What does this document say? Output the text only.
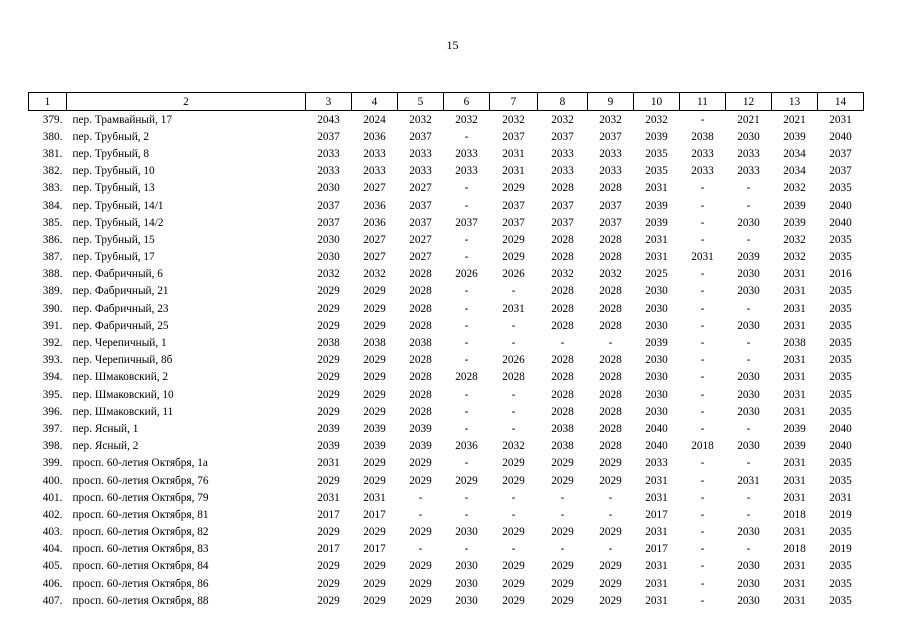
15
1	2	3	4	5	6	7	8	9	10	11	12	13	14
379.	пер. Трамвайный, 17	2043	2024	2032	2032	2032	2032	2032	2032	-	2021	2021	2031
380.	пер. Трубный, 2	2037	2036	2037	-	2037	2037	2037	2039	2038	2030	2039	2040
381.	пер. Трубный, 8	2033	2033	2033	2033	2031	2033	2033	2035	2033	2033	2034	2037
382.	пер. Трубный, 10	2033	2033	2033	2033	2031	2033	2033	2035	2033	2033	2034	2037
383.	пер. Трубный, 13	2030	2027	2027	-	2029	2028	2028	2031	-	-	2032	2035
384.	пер. Трубный, 14/1	2037	2036	2037	-	2037	2037	2037	2039	-	-	2039	2040
385.	пер. Трубный, 14/2	2037	2036	2037	2037	2037	2037	2037	2039	-	2030	2039	2040
386.	пер. Трубный, 15	2030	2027	2027	-	2029	2028	2028	2031	-	-	2032	2035
387.	пер. Трубный, 17	2030	2027	2027	-	2029	2028	2028	2031	2031	2039	2032	2035
388.	пер. Фабричный, 6	2032	2032	2028	2026	2026	2032	2032	2025	-	2030	2031	2016
389.	пер. Фабричный, 21	2029	2029	2028	-	-	2028	2028	2030	-	2030	2031	2035
390.	пер. Фабричный, 23	2029	2029	2028	-	2031	2028	2028	2030	-	-	2031	2035
391.	пер. Фабричный, 25	2029	2029	2028	-	-	2028	2028	2030	-	2030	2031	2035
392.	пер. Черепичный, 1	2038	2038	2038	-	-	-	-	2039	-	-	2038	2035
393.	пер. Черепичный, 8б	2029	2029	2028	-	2026	2028	2028	2030	-	-	2031	2035
394.	пер. Шмаковский, 2	2029	2029	2028	2028	2028	2028	2028	2030	-	2030	2031	2035
395.	пер. Шмаковский, 10	2029	2029	2028	-	-	2028	2028	2030	-	2030	2031	2035
396.	пер. Шмаковский, 11	2029	2029	2028	-	-	2028	2028	2030	-	2030	2031	2035
397.	пер. Ясный, 1	2039	2039	2039	-	-	2038	2028	2040	-	-	2039	2040
398.	пер. Ясный, 2	2039	2039	2039	2036	2032	2038	2028	2040	2018	2030	2039	2040
399.	просп. 60-летия Октября, 1а	2031	2029	2029	-	2029	2029	2029	2033	-	-	2031	2035
400.	просп. 60-летия Октября, 76	2029	2029	2029	2029	2029	2029	2029	2031	-	2031	2031	2035
401.	просп. 60-летия Октября, 79	2031	2031	-	-	-	-	-	2031	-	-	2031	2031
402.	просп. 60-летия Октября, 81	2017	2017	-	-	-	-	-	2017	-	-	2018	2019
403.	просп. 60-летия Октября, 82	2029	2029	2029	2030	2029	2029	2029	2031	-	2030	2031	2035
404.	просп. 60-летия Октября, 83	2017	2017	-	-	-	-	-	2017	-	-	2018	2019
405.	просп. 60-летия Октября, 84	2029	2029	2029	2030	2029	2029	2029	2031	-	2030	2031	2035
406.	просп. 60-летия Октября, 86	2029	2029	2029	2030	2029	2029	2029	2031	-	2030	2031	2035
407.	просп. 60-летия Октября, 88	2029	2029	2029	2030	2029	2029	2029	2031	-	2030	2031	2035
